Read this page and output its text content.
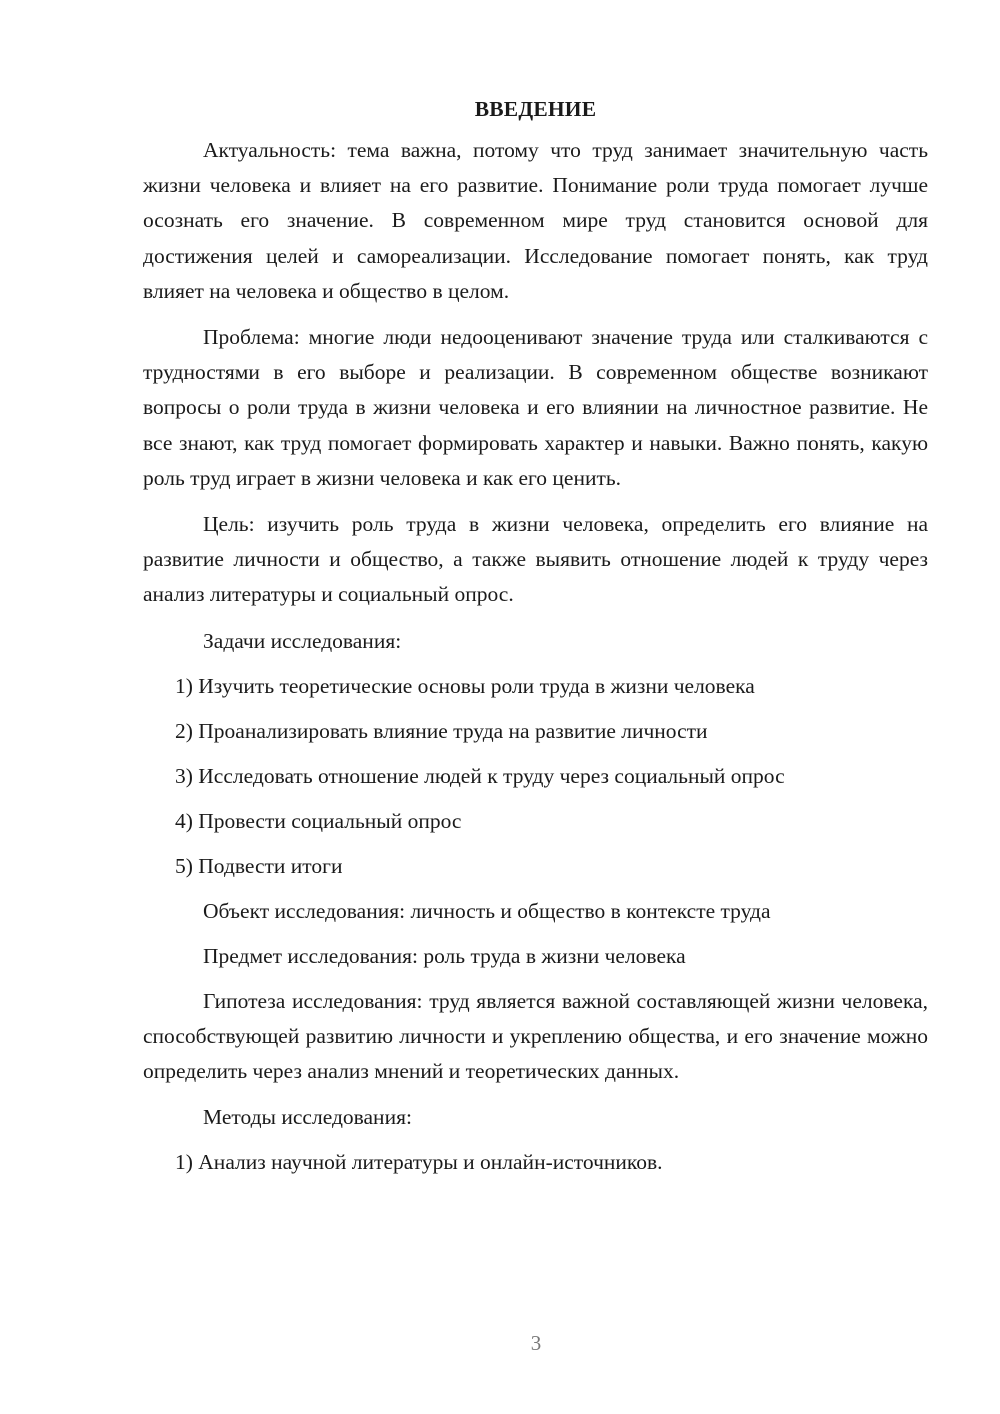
ВВЕДЕНИЕ

Актуальность: тема важна, потому что труд занимает значительную часть жизни человека и влияет на его развитие. Понимание роли труда помогает лучше осознать его значение. В современном мире труд становится основой для достижения целей и самореализации. Исследование помогает понять, как труд влияет на человека и общество в целом.

Проблема: многие люди недооценивают значение труда или сталкиваются с трудностями в его выборе и реализации. В современном обществе возникают вопросы о роли труда в жизни человека и его влиянии на личностное развитие. Не все знают, как труд помогает формировать характер и навыки. Важно понять, какую роль труд играет в жизни человека и как его ценить.

Цель: изучить роль труда в жизни человека, определить его влияние на развитие личности и общество, а также выявить отношение людей к труду через анализ литературы и социальный опрос.

Задачи исследования:
1) Изучить теоретические основы роли труда в жизни человека
2) Проанализировать влияние труда на развитие личности
3) Исследовать отношение людей к труду через социальный опрос
4) Провести социальный опрос
5) Подвести итоги
Объект исследования: личность и общество в контексте труда
Предмет исследования: роль труда в жизни человека

Гипотеза исследования: труд является важной составляющей жизни человека, способствующей развитию личности и укреплению общества, и его значение можно определить через анализ мнений и теоретических данных.

Методы исследования:
1) Анализ научной литературы и онлайн-источников.
3
